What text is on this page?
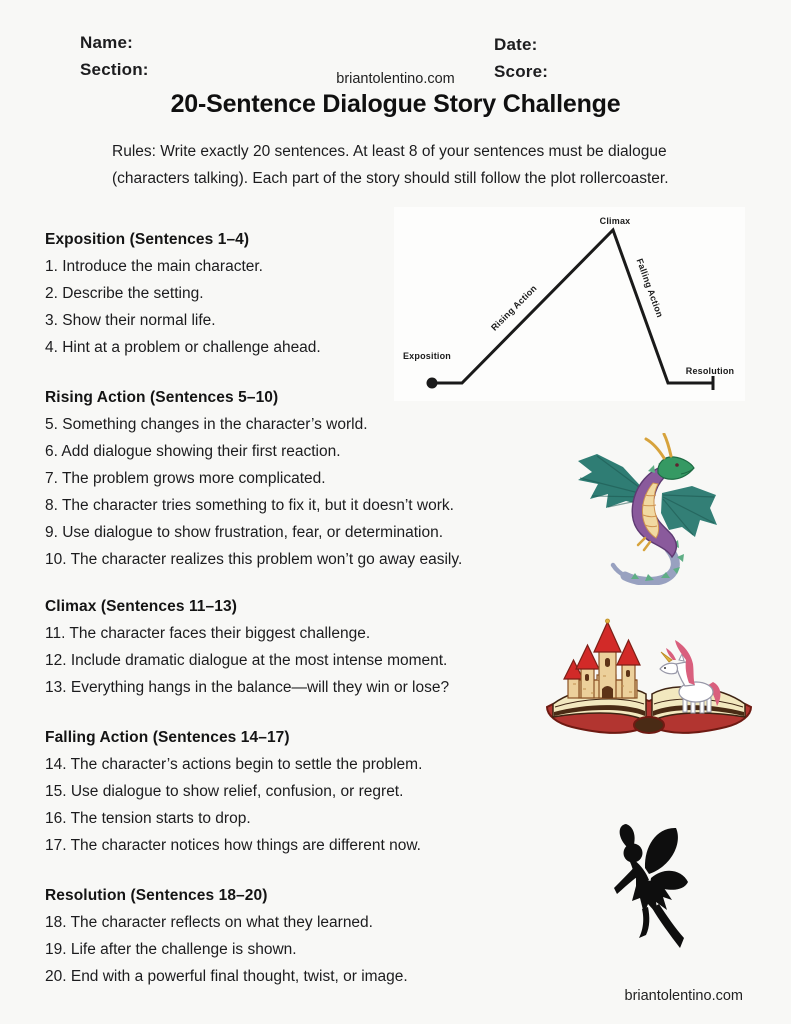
Name:
Section:
Date:
Score:
briantolentino.com
20-Sentence Dialogue Story Challenge

Rules: Write exactly 20 sentences. At least 8 of your sentences must be dialogue (characters talking). Each part of the story should still follow the plot rollercoaster.

Exposition
Climax
Resolution
Rising Action	Falling Action
Exposition (Sentences 1–4)
1. Introduce the main character.
2. Describe the setting.
3. Show their normal life.
4. Hint at a problem or challenge ahead.
Rising Action (Sentences 5–10)
5. Something changes in the character’s world.
6. Add dialogue showing their first reaction.
7. The problem grows more complicated.
8. The character tries something to fix it, but it doesn’t work.
9. Use dialogue to show frustration, fear, or determination.
10. The character realizes this problem won’t go away easily.
Climax (Sentences 11–13)
11. The character faces their biggest challenge.
12. Include dramatic dialogue at the most intense moment.
13. Everything hangs in the balance—will they win or lose?
Falling Action (Sentences 14–17)
14. The character’s actions begin to settle the problem.
15. Use dialogue to show relief, confusion, or regret.
16. The tension starts to drop.
17. The character notices how things are different now.
Resolution (Sentences 18–20)
18. The character reflects on what they learned.
19. Life after the challenge is shown.
20. End with a powerful final thought, twist, or image.
briantolentino.com
